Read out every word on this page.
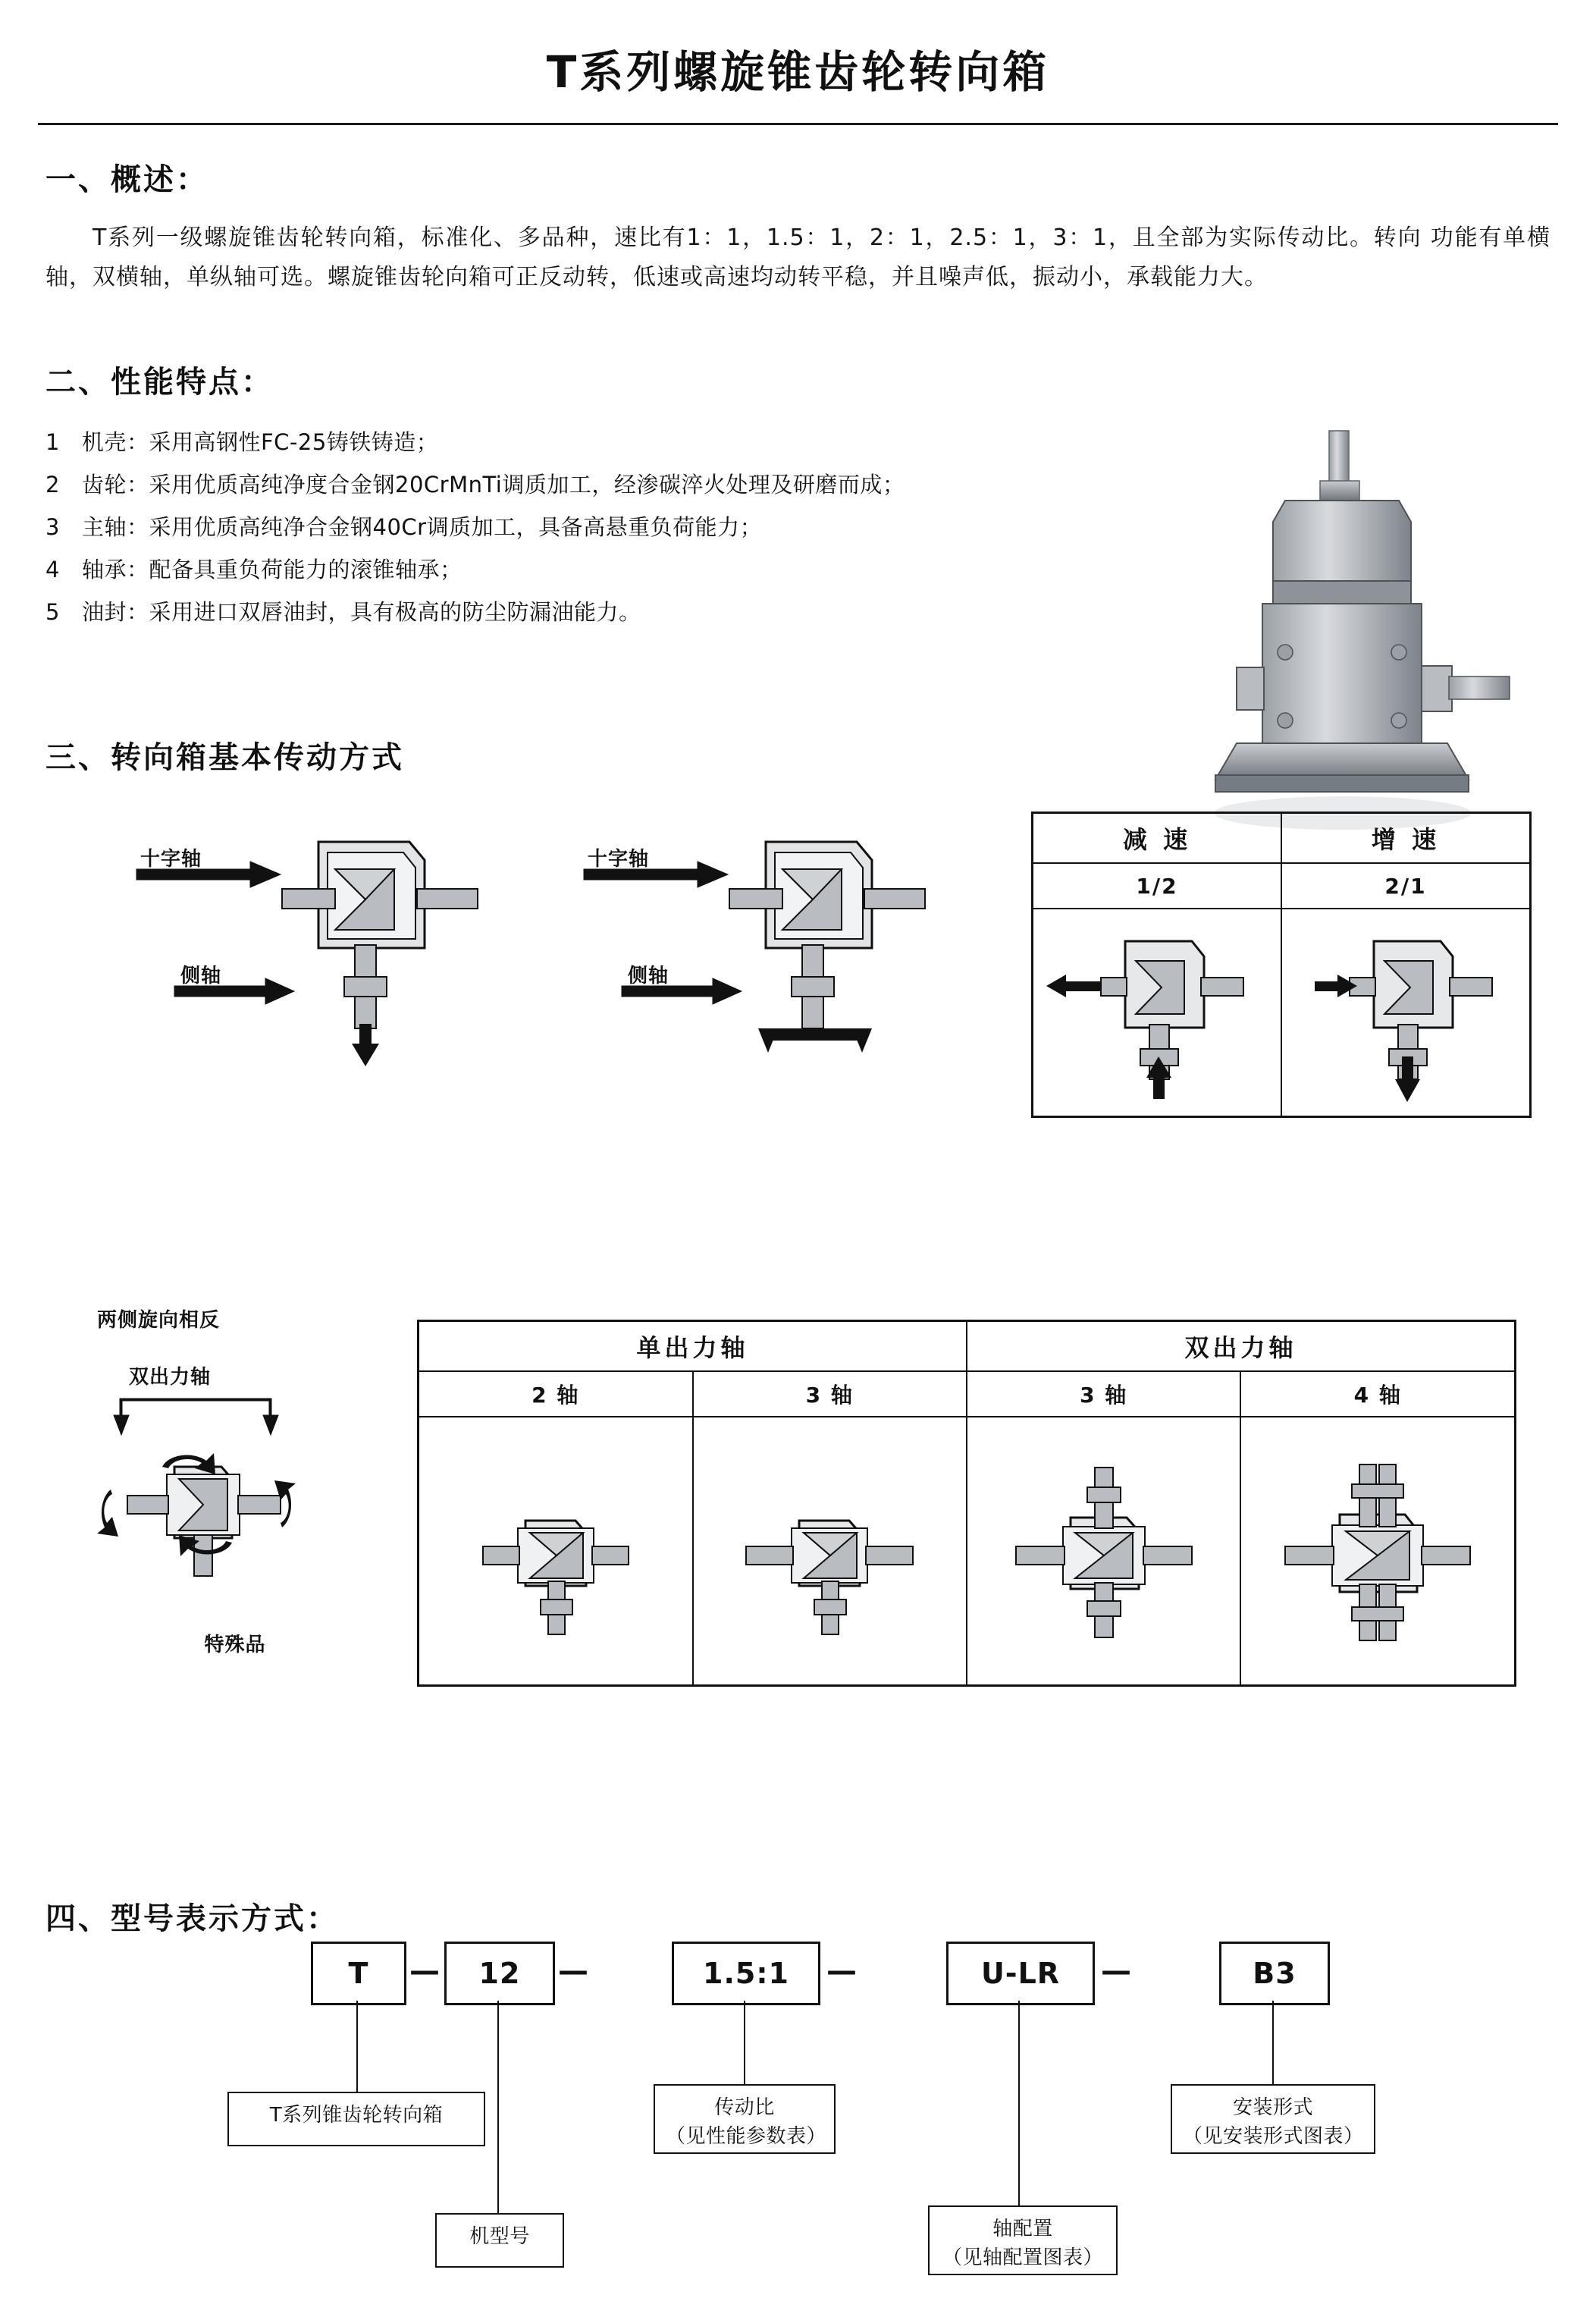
T系列螺旋锥齿轮转向箱
一、概述：
T系列一级螺旋锥齿轮转向箱，标准化、多品种，速比有1：1，1.5：1，2：1，2.5：1，3：1，且全部为实际传动比。转向 功能有单横轴，双横轴，单纵轴可选。螺旋锥齿轮向箱可正反动转，低速或高速均动转平稳，并且噪声低，振动小，承载能力大。
二、性能特点：
1	机壳：采用高钢性FC-25铸铁铸造；
2	齿轮：采用优质高纯净度合金钢20CrMnTi调质加工，经渗碳淬火处理及研磨而成；
3	主轴：采用优质高纯净合金钢40Cr调质加工，具备高悬重负荷能力；
4	轴承：配备具重负荷能力的滚锥轴承；
5	油封：采用进口双唇油封，具有极高的防尘防漏油能力。
三、转向箱基本传动方式
十字轴
侧轴
十字轴
侧轴
减 速	增 速
1/2	2/1

两侧旋向相反
双出力轴
特殊品
单出力轴		双出力轴	
2 轴	3 轴	3 轴	4 轴

四、型号表示方式：
T	—	12	—	1.5:1	—	U-LR	—	B3
T系列锥齿轮转向箱
机型号
传动比
（见性能参数表）
轴配置
（见轴配置图表）
安装形式
（见安装形式图表）
